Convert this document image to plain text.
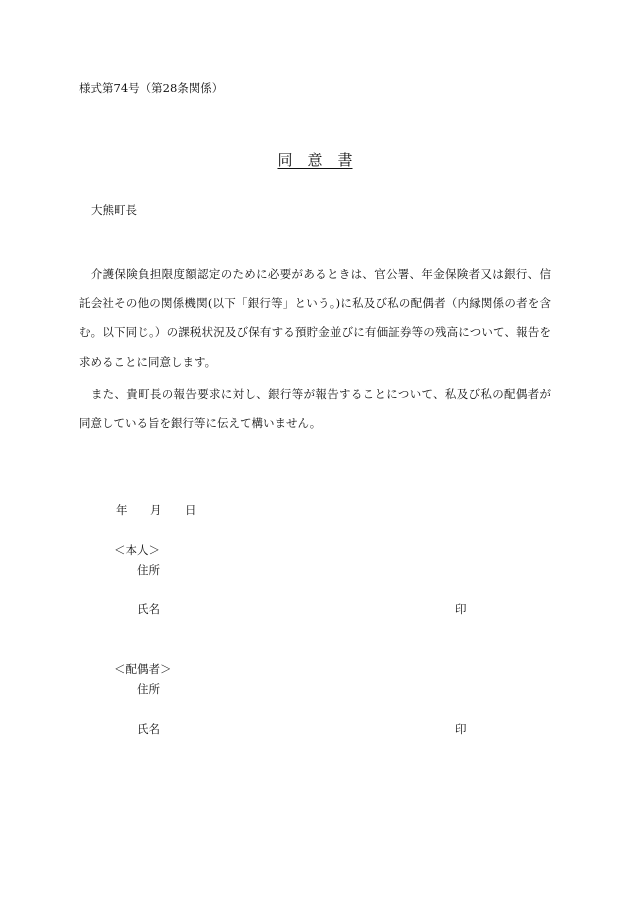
様式第74号（第28条関係）
同　意　書
大熊町長
　介護保険負担限度額認定のために必要があるときは、官公署、年金保険者又は銀行、信
託会社その他の関係機関(以下「銀行等」という。)に私及び私の配偶者（内縁関係の者を含
む。以下同じ。）の課税状況及び保有する預貯金並びに有価証券等の残高について、報告を
求めることに同意します。
　また、貴町長の報告要求に対し、銀行等が報告することについて、私及び私の配偶者が
同意している旨を銀行等に伝えて構いません。
年 月 日
＜本人＞
住所
氏名	印
＜配偶者＞
住所
氏名	印
